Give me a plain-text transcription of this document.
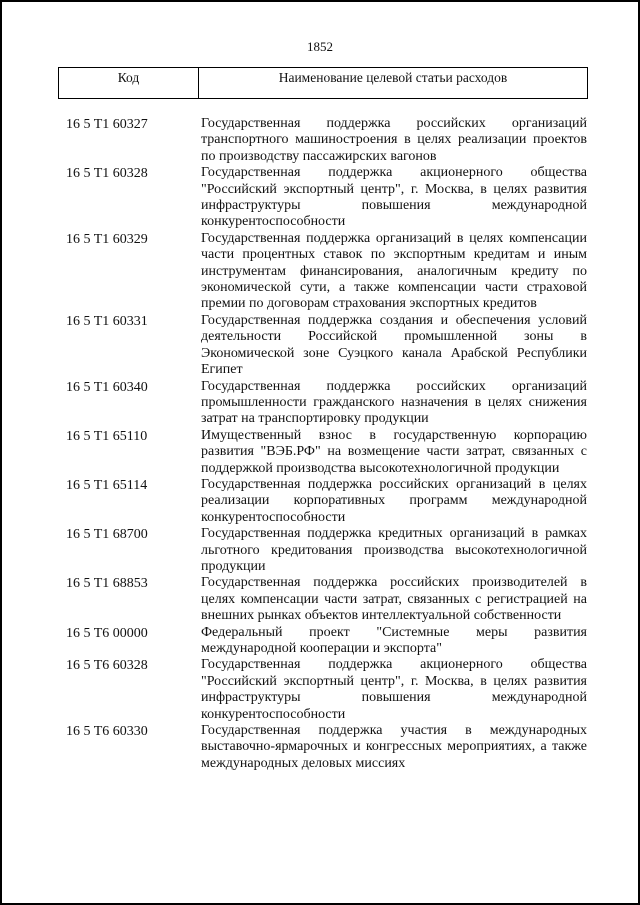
1852
Код	Наименование целевой статьи расходов
16 5 T1 60327	Государственная поддержка российских организаций транспортного машиностроения в целях реализации проектов по производству пассажирских вагонов
16 5 T1 60328	Государственная поддержка акционерного общества "Российский экспортный центр", г. Москва, в целях развития инфраструктуры повышения международной конкурентоспособности
16 5 T1 60329	Государственная поддержка организаций в целях компенсации части процентных ставок по экспортным кредитам и иным инструментам финансирования, аналогичным кредиту по экономической сути, а также компенсации части страховой премии по договорам страхования экспортных кредитов
16 5 T1 60331	Государственная поддержка создания и обеспечения условий деятельности Российской промышленной зоны в Экономической зоне Суэцкого канала Арабской Республики Египет
16 5 T1 60340	Государственная поддержка российских организаций промышленности гражданского назначения в целях снижения затрат на транспортировку продукции
16 5 T1 65110	Имущественный взнос в государственную корпорацию развития "ВЭБ.РФ" на возмещение части затрат, связанных с поддержкой производства высокотехнологичной продукции
16 5 T1 65114	Государственная поддержка российских организаций в целях реализации корпоративных программ международной конкурентоспособности
16 5 T1 68700	Государственная поддержка кредитных организаций в рамках льготного кредитования производства высокотехнологичной продукции
16 5 T1 68853	Государственная поддержка российских производителей в целях компенсации части затрат, связанных с регистрацией на внешних рынках объектов интеллектуальной собственности
16 5 T6 00000	Федеральный проект "Системные меры развития международной кооперации и экспорта"
16 5 T6 60328	Государственная поддержка акционерного общества "Российский экспортный центр", г. Москва, в целях развития инфраструктуры повышения международной конкурентоспособности
16 5 T6 60330	Государственная поддержка участия в международных выставочно-ярмарочных и конгрессных мероприятиях, а также международных деловых миссиях
